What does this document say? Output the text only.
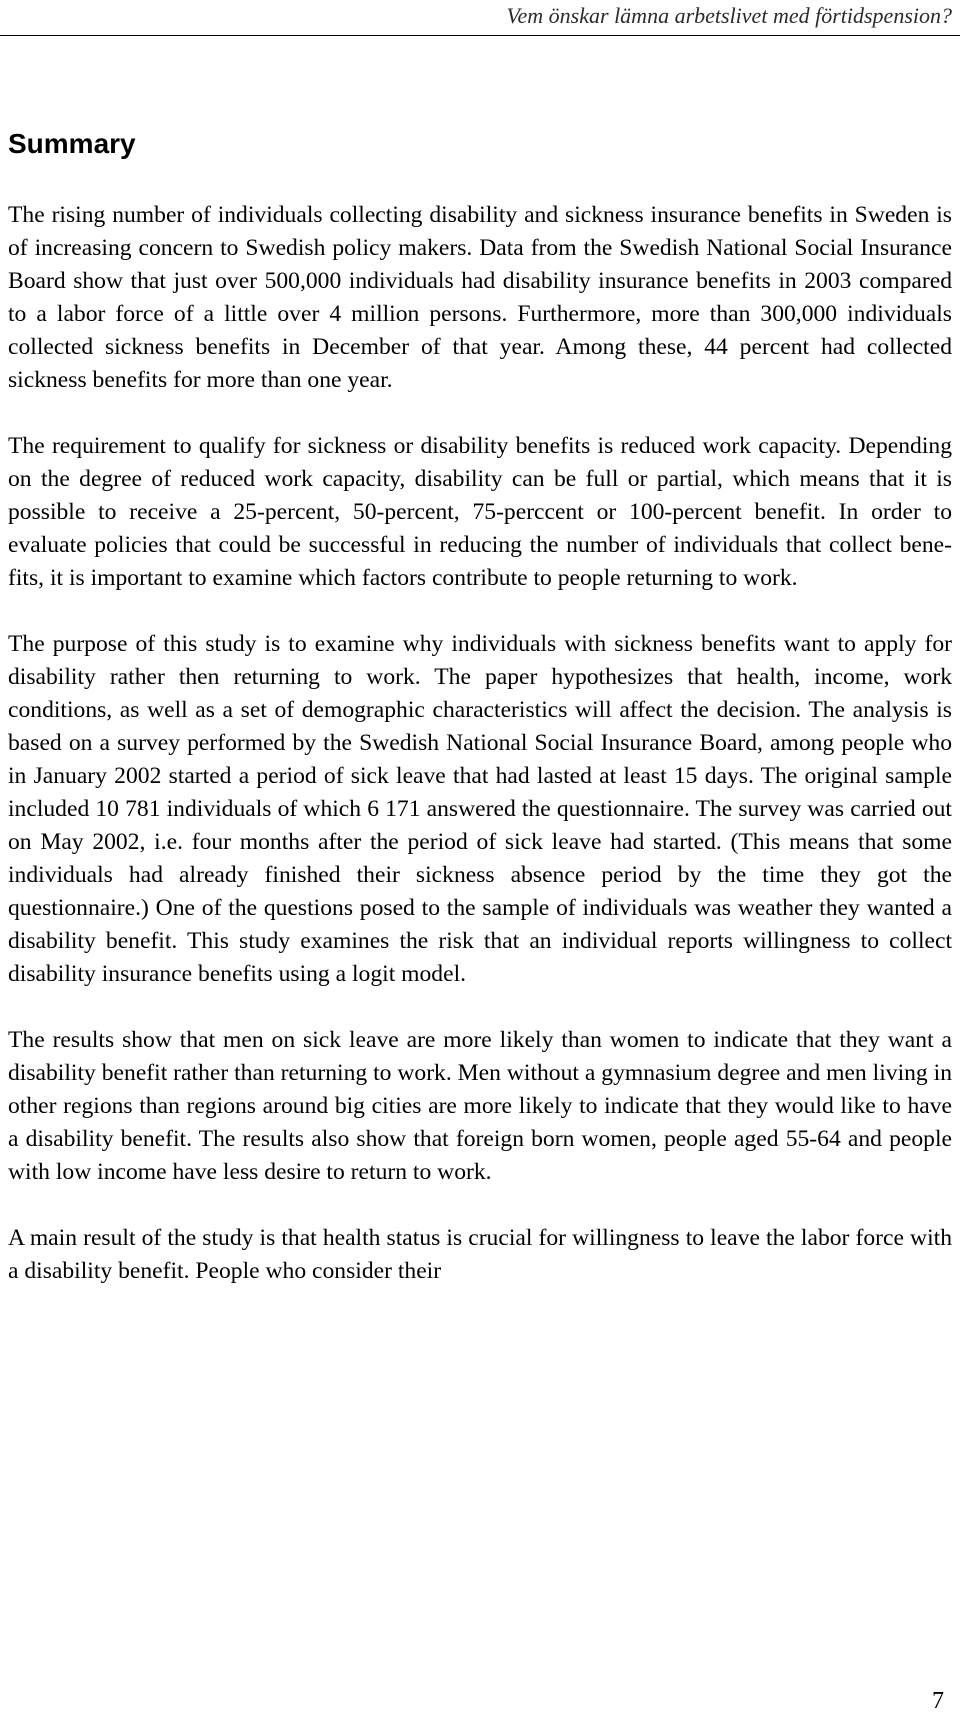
Vem önskar lämna arbetslivet med förtidspension?
Summary

The rising number of individuals collecting disability and sickness insurance benefits in Sweden is of increasing concern to Swedish policy makers. Data from the Swedish National Social Insurance Board show that just over 500,000 individuals had disability insurance benefits in 2003 compared to a labor force of a little over 4 million persons. Furthermore, more than 300,000 individuals collected sickness benefits in December of that year. Among these, 44 percent had collected sickness benefits for more than one year.

The requirement to qualify for sickness or disability benefits is reduced work capacity. Depending on the degree of reduced work capacity, disability can be full or partial, which means that it is possible to receive a 25-percent, 50-percent, 75-perccent or 100-percent benefit. In order to evaluate policies that could be successful in reducing the number of individuals that collect benefits, it is important to examine which factors contribute to people returning to work.

The purpose of this study is to examine why individuals with sickness benefits want to apply for disability rather then returning to work. The paper hypothesizes that health, income, work conditions, as well as a set of demographic characteristics will affect the decision. The analysis is based on a survey performed by the Swedish National Social Insurance Board, among people who in January 2002 started a period of sick leave that had lasted at least 15 days. The original sample included 10 781 individuals of which 6 171 answered the questionnaire. The survey was carried out on May 2002, i.e. four months after the period of sick leave had started. (This means that some individuals had already finished their sickness absence period by the time they got the questionnaire.) One of the questions posed to the sample of individuals was weather they wanted a disability benefit. This study examines the risk that an individual reports willingness to collect disability insurance benefits using a logit model.

The results show that men on sick leave are more likely than women to indicate that they want a disability benefit rather than returning to work. Men without a gymnasium degree and men living in other regions than regions around big cities are more likely to indicate that they would like to have a disability benefit. The results also show that foreign born women, people aged 55-64 and people with low income have less desire to return to work.

A main result of the study is that health status is crucial for willingness to leave the labor force with a disability benefit. People who consider their

7
